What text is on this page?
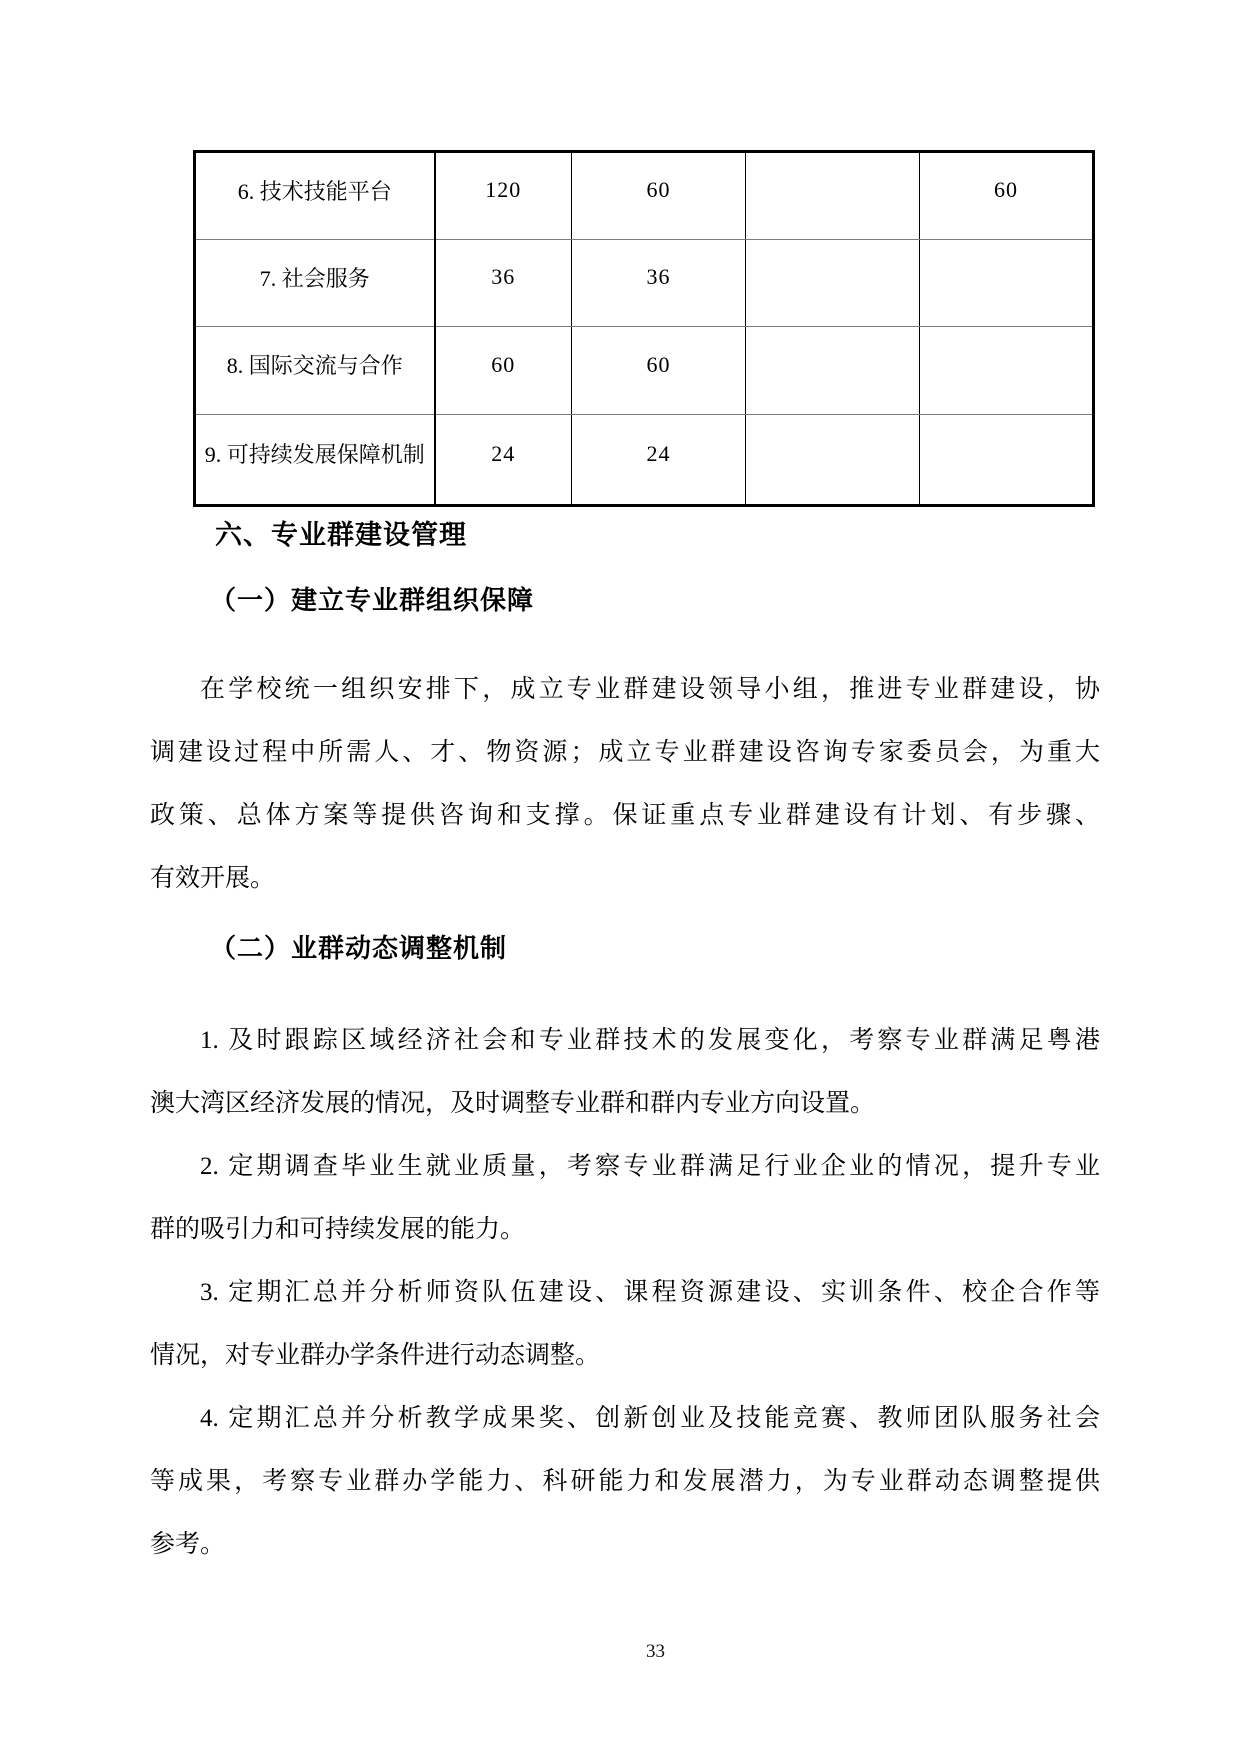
6. 技术技能平台	120	60		60
7. 社会服务	36	36		
8. 国际交流与合作	60	60		
9. 可持续发展保障机制	24	24		
六、专业群建设管理
（一）建立专业群组织保障
在学校统一组织安排下，成立专业群建设领导小组，推进专业群建设，协
调建设过程中所需人、才、物资源；成立专业群建设咨询专家委员会，为重大
政策、总体方案等提供咨询和支撑。保证重点专业群建设有计划、有步骤、
有效开展。
（二）业群动态调整机制
1. 及时跟踪区域经济社会和专业群技术的发展变化，考察专业群满足粤港
澳大湾区经济发展的情况，及时调整专业群和群内专业方向设置。
2. 定期调查毕业生就业质量，考察专业群满足行业企业的情况，提升专业
群的吸引力和可持续发展的能力。
3. 定期汇总并分析师资队伍建设、课程资源建设、实训条件、校企合作等
情况，对专业群办学条件进行动态调整。
4. 定期汇总并分析教学成果奖、创新创业及技能竞赛、教师团队服务社会
等成果，考察专业群办学能力、科研能力和发展潜力，为专业群动态调整提供
参考。
33
